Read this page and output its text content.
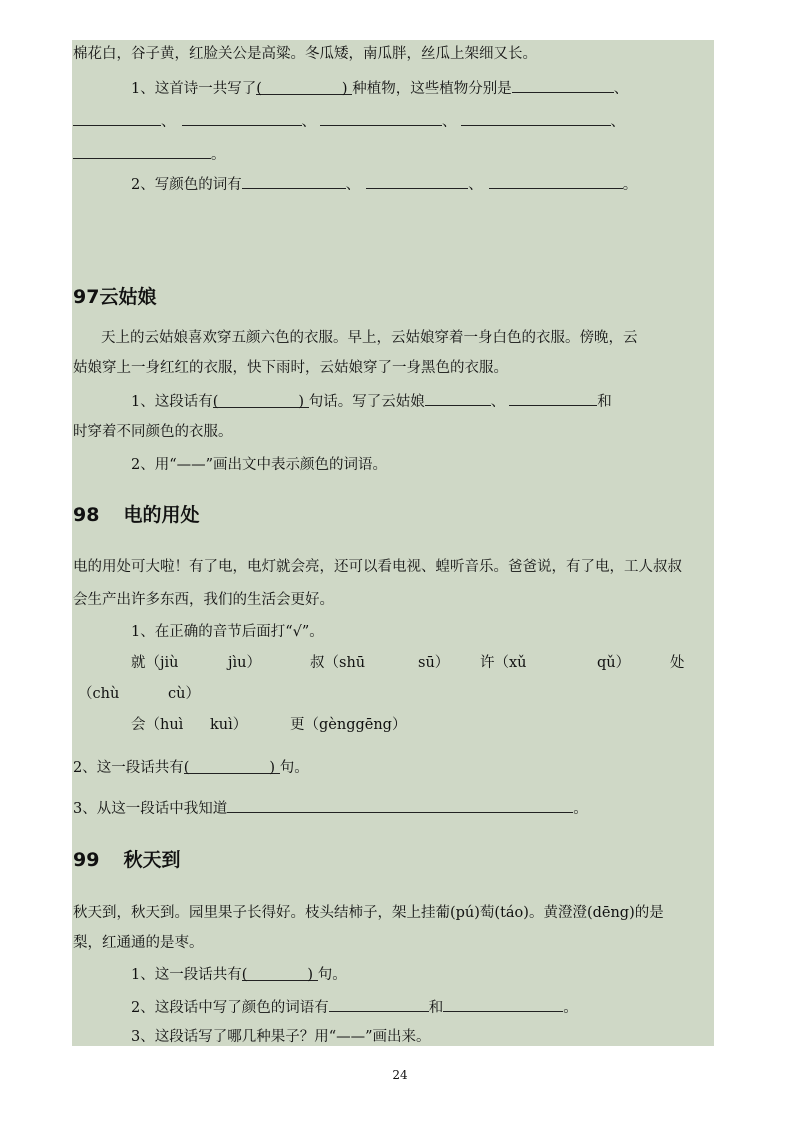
棉花白，谷子黄，红脸关公是高粱。冬瓜矮，南瓜胖，丝瓜上架细又长。
1、这首诗一共写了(	) 种植物，这些植物分别是	、
、	、	、	、
。
2、写颜色的词有	、	、	。
97云姑娘
天上的云姑娘喜欢穿五颜六色的衣服。早上，云姑娘穿着一身白色的衣服。傍晚，云
姑娘穿上一身红红的衣服，快下雨时，云姑娘穿了一身黑色的衣服。
1、这段话有(	) 句话。写了云姑娘	、	和
时穿着不同颜色的衣服。
2、用“——”画出文中表示颜色的词语。
98 电的用处
电的用处可大啦！有了电，电灯就会亮，还可以看电视、蝗听音乐。爸爸说，有了电，工人叔叔
会生产出许多东西，我们的生活会更好。
1、在正确的音节后面打“√”。
就（jiù	jìu）	叔（shū	sū） 许（xǔ	qǔ）	处
（chù	cù）
会（huì kuì）	更（gènggēng）
2、这一段话共有(	) 句。
3、从这一段话中我知道	。
99 秋天到
秋天到，秋天到。园里果子长得好。枝头结柿子，架上挂葡(pú)萄(táo)。黄澄澄(dēng)的是
梨，红通通的是枣。
1、这一段话共有(	) 句。
2、这段话中写了颜色的词语有	和	。
3、这段话写了哪几种果子？用“——”画出来。
24
